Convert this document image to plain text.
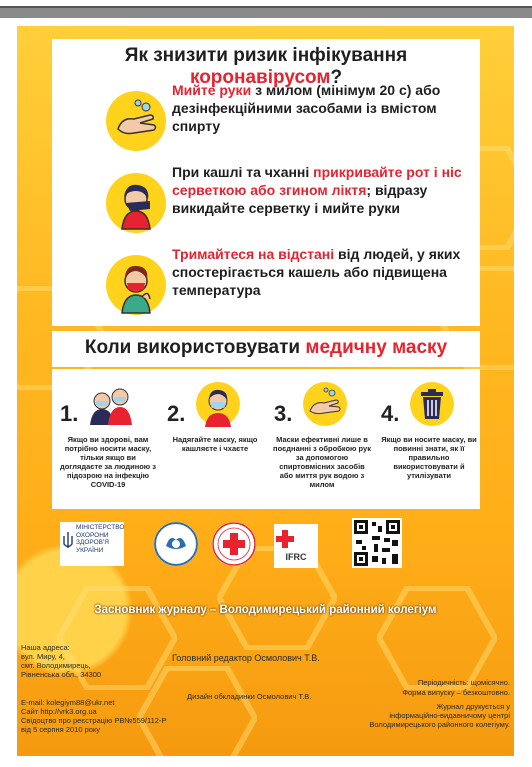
Як знизити ризик інфікування коронавірусом?
Мийте руки з милом (мінімум 20 с) або дезінфекційними засобами із вмістом спирту
При кашлі та чханні прикривайте рот і ніс серветкою або згином ліктя; відразу викидайте серветку і мийте руки
Тримайтеся на відстані від людей, у яких спостерігається кашель або підвищена температура
Коли використовувати медичну маску
1.
Якщо ви здорові, вам потрібно носити маску, тільки якщо ви доглядаєте за людиною з підозрою на інфекцію COVID-19
2.
Надягайте маску, якщо кашляєте і чхаєте
3.
Маски ефективні лише в поєднанні з обробкою рук за допомогою спиртовмісних засобів або миття рук водою з милом
4.
Якщо ви носите маску, ви повинні знати, як її правильно використовувати й утилізувати
МІНІСТЕРСТВО
ОХОРОНИ
ЗДОРОВ'Я
УКРАЇНИ
IFRC
Засновник журналу – Володимирецький районний колегіум
Наша адреса:
вул. Миру, 4,
смт. Володимирець,
Рівненська обл., 34300
Головний редактор Осмолович Т.В.
Дизайн обкладинки Осмолович Т.В.
E-mail: kolegiym88@ukr.net
Сайт http://vrk3.org.ua
Свідоцтво про реєстрацію РВ№559/112-Р
від 5 серпня 2010 року
Періодичність: щомісячно.
Форма випуску – безкоштовно.
Журнал друкується у
інформаційно-видавничому центрі
Володимирецького районного колегіуму.
